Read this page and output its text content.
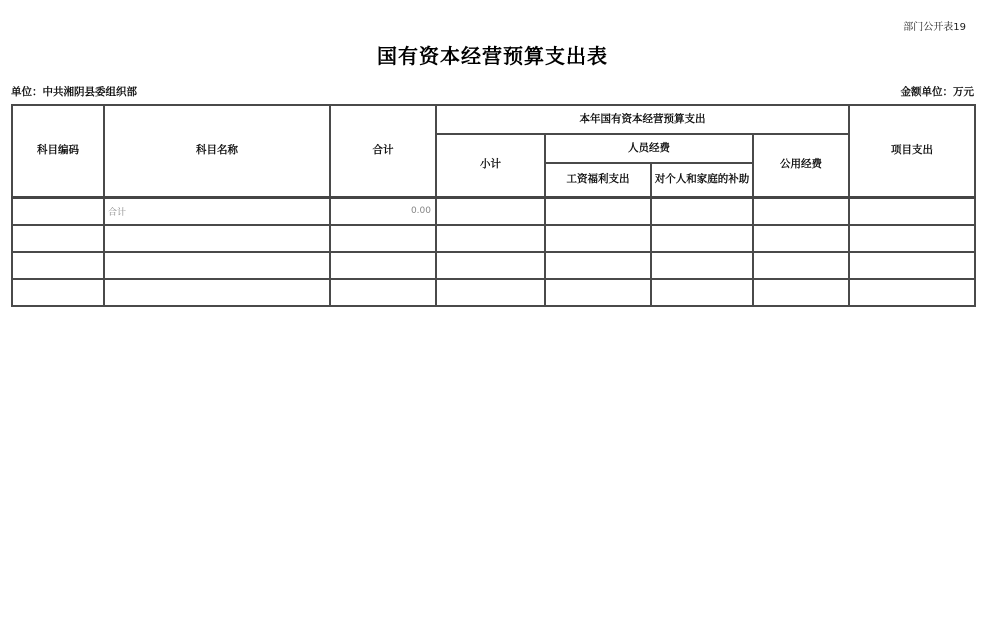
部门公开表19
国有资本经营预算支出表
单位：中共湘阴县委组织部	金额单位：万元
科目编码	科目名称	合计	本年国有资本经营预算支出				项目支出
			小计	人员经费		公用经费	
				工资福利支出	对个人和家庭的补助		
	合计	0.00					
